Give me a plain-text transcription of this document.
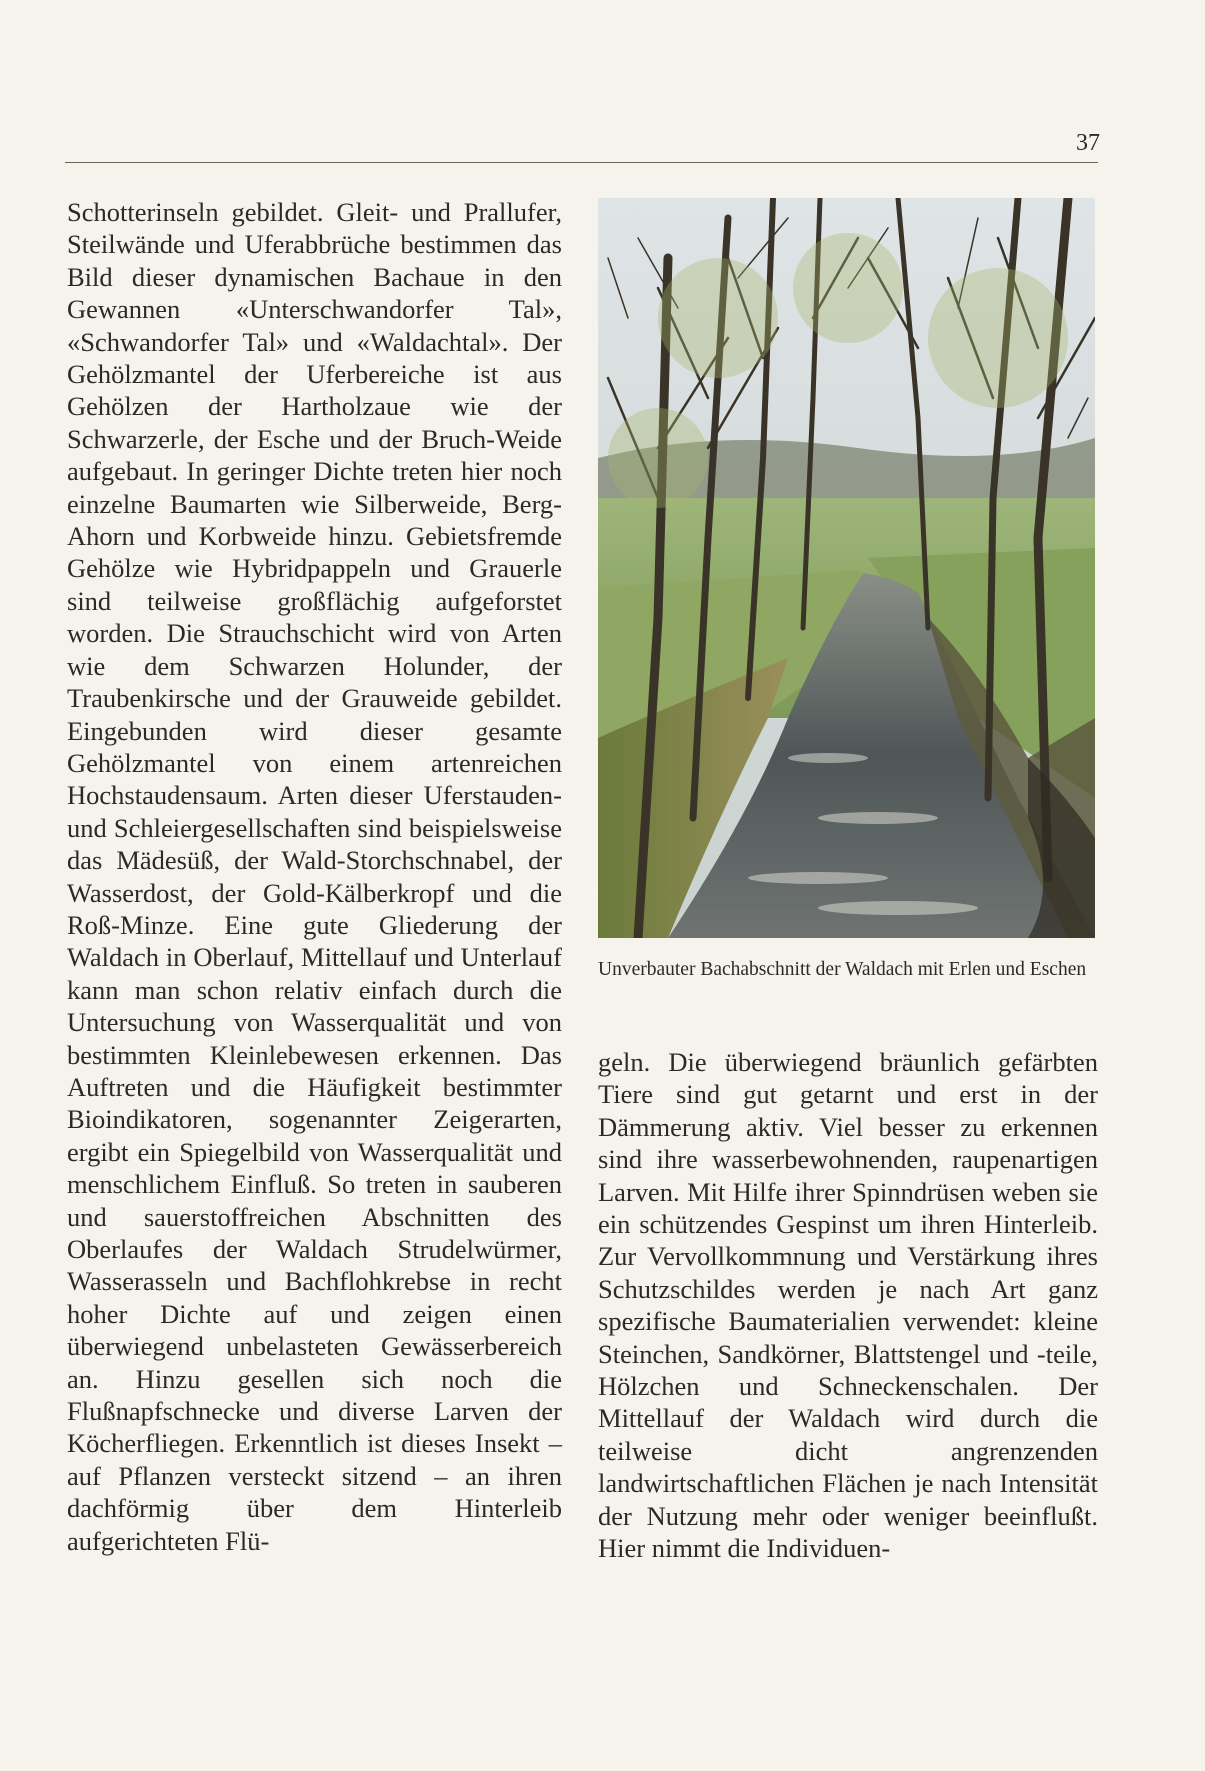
37

Schotterinseln gebildet. Gleit- und Prallufer, Steilwände und Uferabbrüche bestimmen das Bild dieser dynamischen Bachaue in den Gewannen «Unterschwandorfer Tal», «Schwandorfer Tal» und «Waldachtal». Der Gehölzmantel der Uferbereiche ist aus Gehölzen der Hartholzaue wie der Schwarzerle, der Esche und der Bruch-Weide aufgebaut. In geringer Dichte treten hier noch einzelne Baumarten wie Silberweide, Berg-Ahorn und Korbweide hinzu. Gebietsfremde Gehölze wie Hybridpappeln und Grauerle sind teilweise großflächig aufgeforstet worden. Die Strauchschicht wird von Arten wie dem Schwarzen Holunder, der Traubenkirsche und der Grauweide gebildet. Eingebunden wird dieser gesamte Gehölzmantel von einem artenreichen Hochstaudensaum. Arten dieser Uferstauden- und Schleiergesellschaften sind beispielsweise das Mädesüß, der Wald-Storchschnabel, der Wasserdost, der Gold-Kälberkropf und die Roß-Minze. Eine gute Gliederung der Waldach in Oberlauf, Mittellauf und Unterlauf kann man schon relativ einfach durch die Untersuchung von Wasserqualität und von bestimmten Kleinlebewesen erkennen. Das Auftreten und die Häufigkeit bestimmter Bioindikatoren, sogenannter Zeigerarten, ergibt ein Spiegelbild von Wasserqualität und menschlichem Einfluß. So treten in sauberen und sauerstoffreichen Abschnitten des Oberlaufes der Waldach Strudelwürmer, Wasserasseln und Bachflohkrebse in recht hoher Dichte auf und zeigen einen überwiegend unbelasteten Gewässerbereich an. Hinzu gesellen sich noch die Flußnapfschnecke und diverse Larven der Köcherfliegen. Erkenntlich ist dieses Insekt – auf Pflanzen versteckt sitzend – an ihren dachförmig über dem Hinterleib aufgerichteten Flü-

Unverbauter Bachabschnitt der Waldach mit Erlen und Eschen

geln. Die überwiegend bräunlich gefärbten Tiere sind gut getarnt und erst in der Dämmerung aktiv. Viel besser zu erkennen sind ihre wasserbewohnenden, raupenartigen Larven. Mit Hilfe ihrer Spinndrüsen weben sie ein schützendes Gespinst um ihren Hinterleib. Zur Vervollkommnung und Verstärkung ihres Schutzschildes werden je nach Art ganz spezifische Baumaterialien verwendet: kleine Steinchen, Sandkörner, Blattstengel und -teile, Hölzchen und Schneckenschalen. Der Mittellauf der Waldach wird durch die teilweise dicht angrenzenden landwirtschaftlichen Flächen je nach Intensität der Nutzung mehr oder weniger beeinflußt. Hier nimmt die Individuen-
